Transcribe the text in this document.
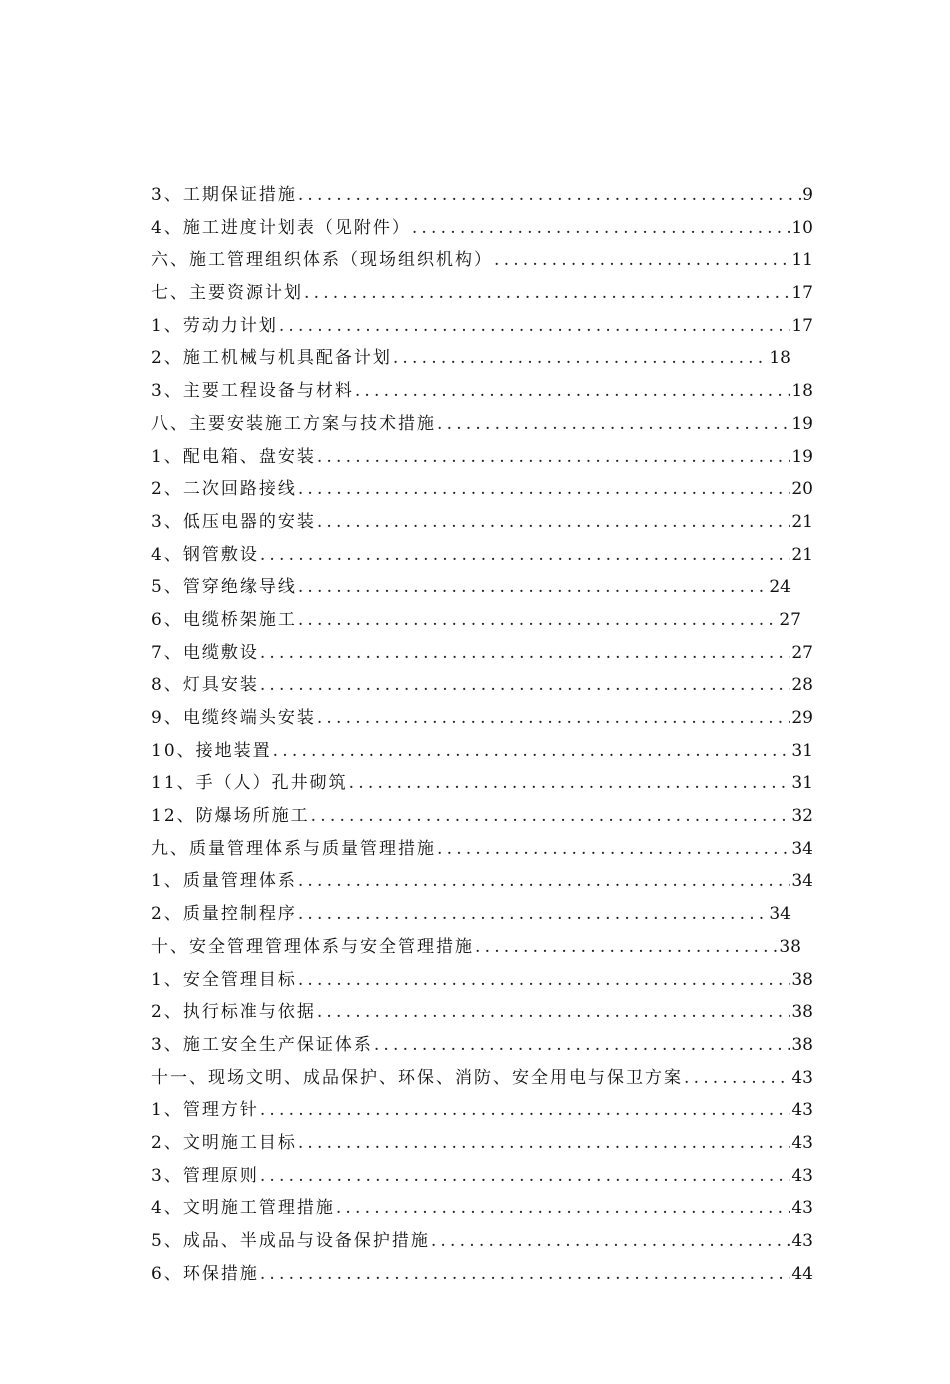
3、工期保证措施 .....	9
4、施工进度计划表（见附件） .....	10
六、施工管理组织体系（现场组织机构） .....	11
七、主要资源计划 .....	17
1、劳动力计划 .....	17
2、施工机械与机具配备计划 .....	18
3、主要工程设备与材料 .....	18
八、主要安装施工方案与技术措施 .....	19
1、配电箱、盘安装 .....	19
2、二次回路接线 .....	20
3、低压电器的安装 .....	21
4、钢管敷设 .....	21
5、管穿绝缘导线 .....	24
6、电缆桥架施工 .....	27
7、电缆敷设 .....	27
8、灯具安装 .....	28
9、电缆终端头安装 .....	29
10、接地装置 .....	31
11、手（人）孔井砌筑 .....	31
12、防爆场所施工 .....	32
九、质量管理体系与质量管理措施 .....	34
1、质量管理体系 .....	34
2、质量控制程序 .....	34
十、安全管理管理体系与安全管理措施 .....	38
1、安全管理目标 .....	38
2、执行标准与依据 .....	38
3、施工安全生产保证体系 .....	38
十一、现场文明、成品保护、环保、消防、安全用电与保卫方案 .....	43
1、管理方针 .....	43
2、文明施工目标 .....	43
3、管理原则 .....	43
4、文明施工管理措施 .....	43
5、成品、半成品与设备保护措施 .....	43
6、环保措施 .....	44
